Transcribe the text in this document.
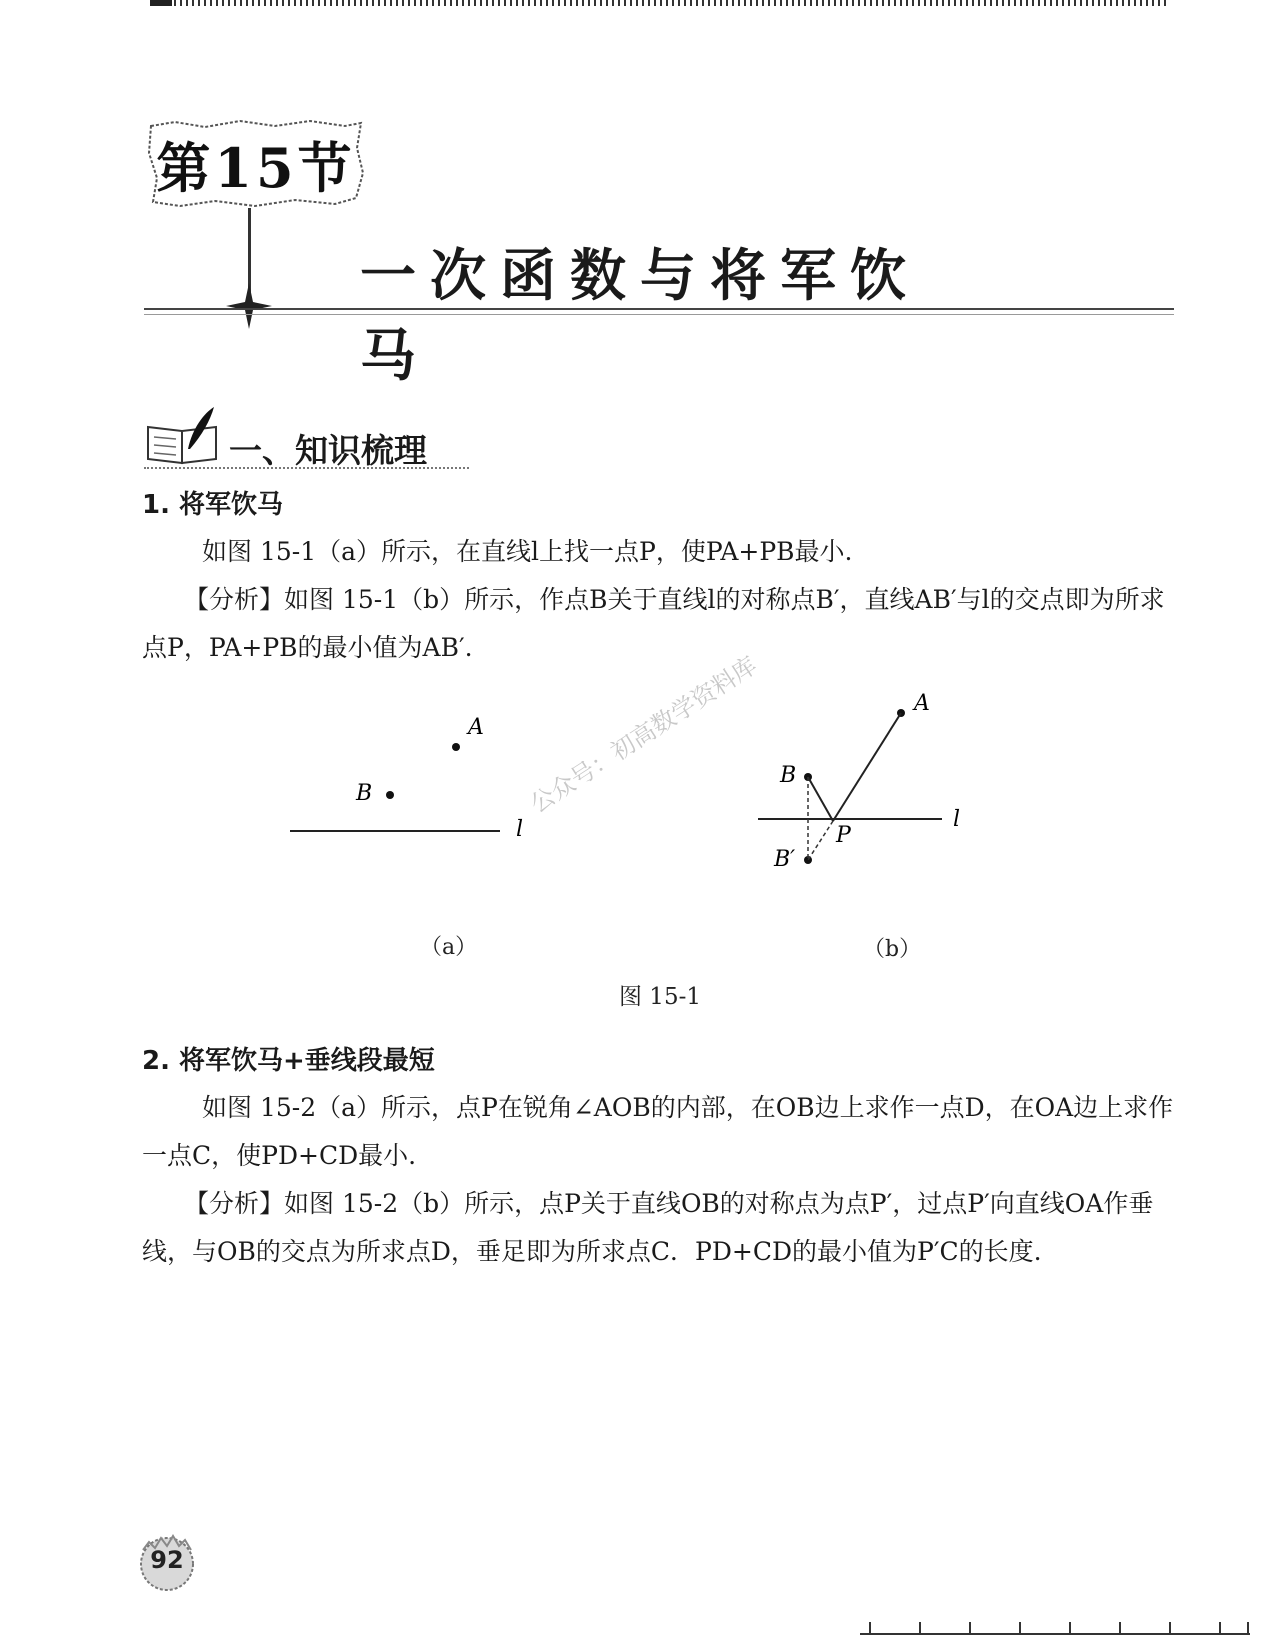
第15节
一次函数与将军饮马
一、知识梳理
1. 将军饮马
如图 15-1（a）所示，在直线l上找一点P，使PA+PB最小.
【分析】如图 15-1（b）所示，作点B关于直线l的对称点B′，直线AB′与l的交点即为所求点P，PA+PB的最小值为AB′.
A
B
l
A
B
P
l
B′
（a）	（b）
图 15-1
公众号：初高数学资料库
2. 将军饮马+垂线段最短
如图 15-2（a）所示，点P在锐角∠AOB的内部，在OB边上求作一点D，在OA边上求作一点C，使PD+CD最小.
【分析】如图 15-2（b）所示，点P关于直线OB的对称点为点P′，过点P′向直线OA作垂线，与OB的交点为所求点D，垂足即为所求点C．PD+CD的最小值为P′C的长度.
92
